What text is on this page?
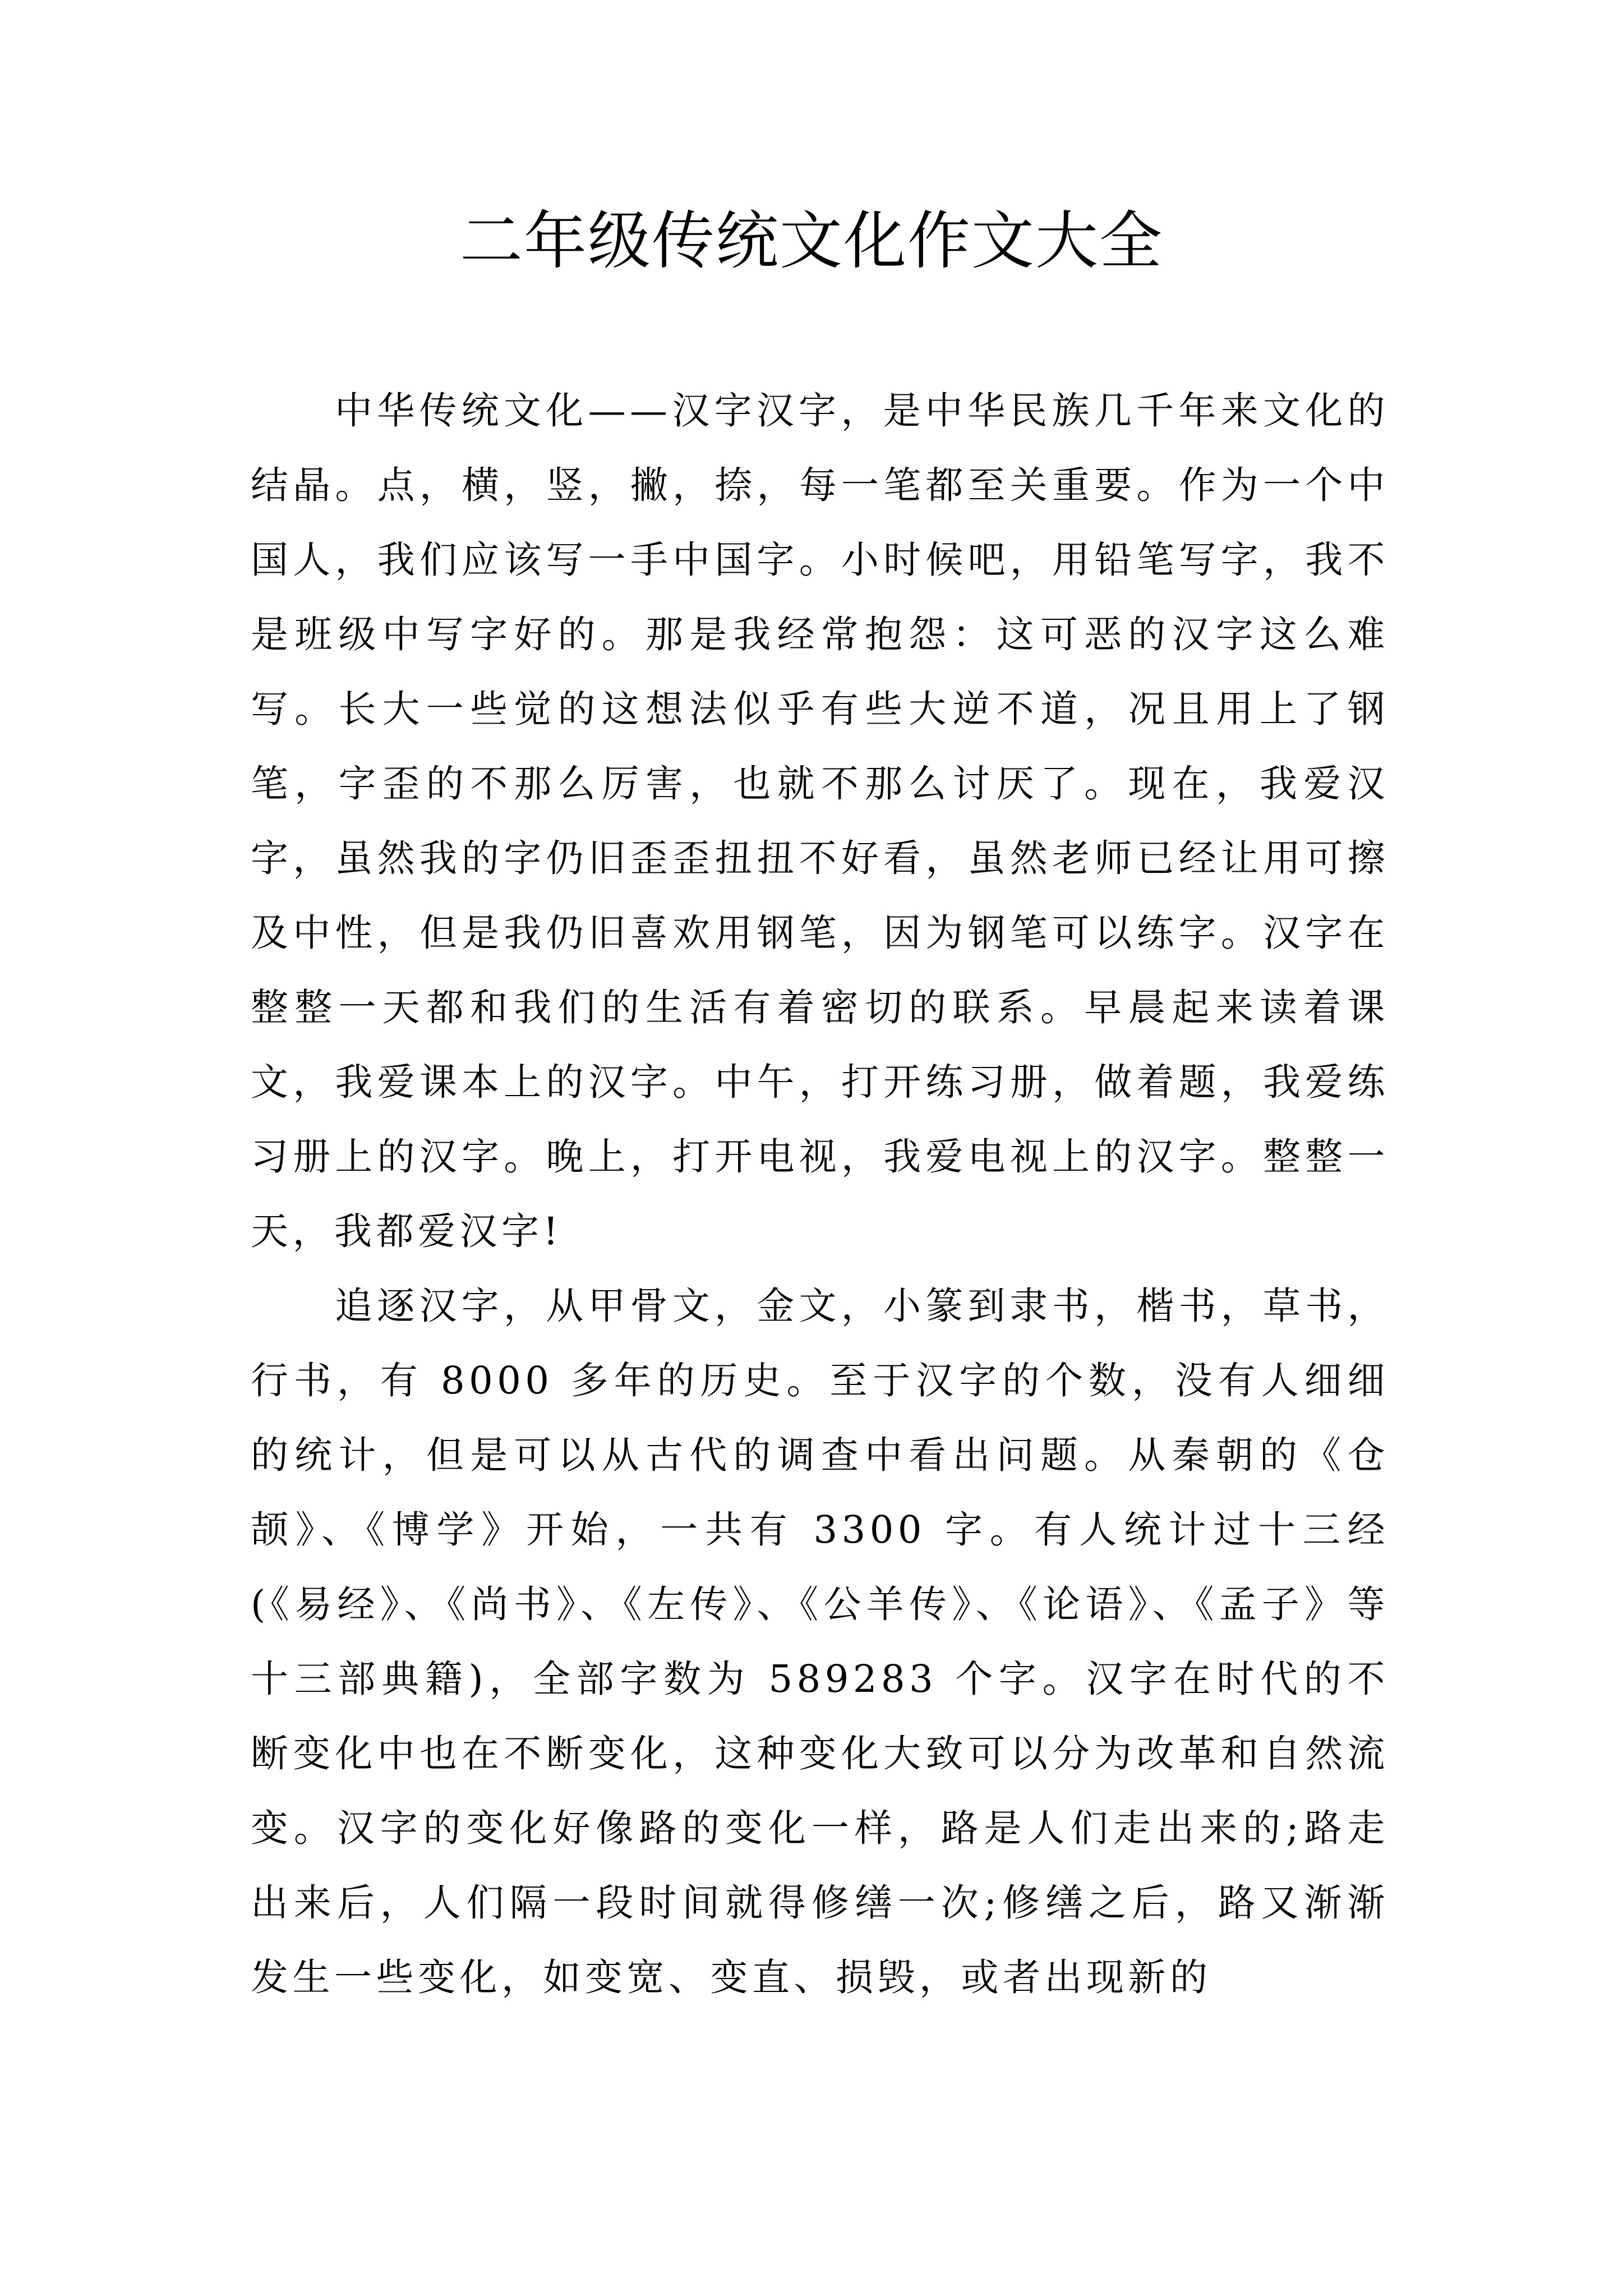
二年级传统文化作文大全

中华传统文化——汉字汉字，是中华民族几千年来文化的结晶。点，横，竖，撇，捺，每一笔都至关重要。作为一个中国人，我们应该写一手中国字。小时候吧，用铅笔写字，我不是班级中写字好的。那是我经常抱怨：这可恶的汉字这么难写。长大一些觉的这想法似乎有些大逆不道，况且用上了钢笔，字歪的不那么厉害，也就不那么讨厌了。现在，我爱汉字，虽然我的字仍旧歪歪扭扭不好看，虽然老师已经让用可擦及中性，但是我仍旧喜欢用钢笔，因为钢笔可以练字。汉字在整整一天都和我们的生活有着密切的联系。早晨起来读着课文，我爱课本上的汉字。中午，打开练习册，做着题，我爱练习册上的汉字。晚上，打开电视，我爱电视上的汉字。整整一天，我都爱汉字!

追逐汉字，从甲骨文，金文，小篆到隶书，楷书，草书，行书，有 8000 多年的历史。至于汉字的个数，没有人细细的统计，但是可以从古代的调查中看出问题。从秦朝的《仓颉》、《博学》开始，一共有 3300 字。有人统计过十三经(《易经》、《尚书》、《左传》、《公羊传》、《论语》、《孟子》等十三部典籍)，全部字数为 589283 个字。汉字在时代的不断变化中也在不断变化，这种变化大致可以分为改革和自然流变。汉字的变化好像路的变化一样，路是人们走出来的;路走出来后，人们隔一段时间就得修缮一次;修缮之后，路又渐渐发生一些变化，如变宽、变直、损毁，或者出现新的
